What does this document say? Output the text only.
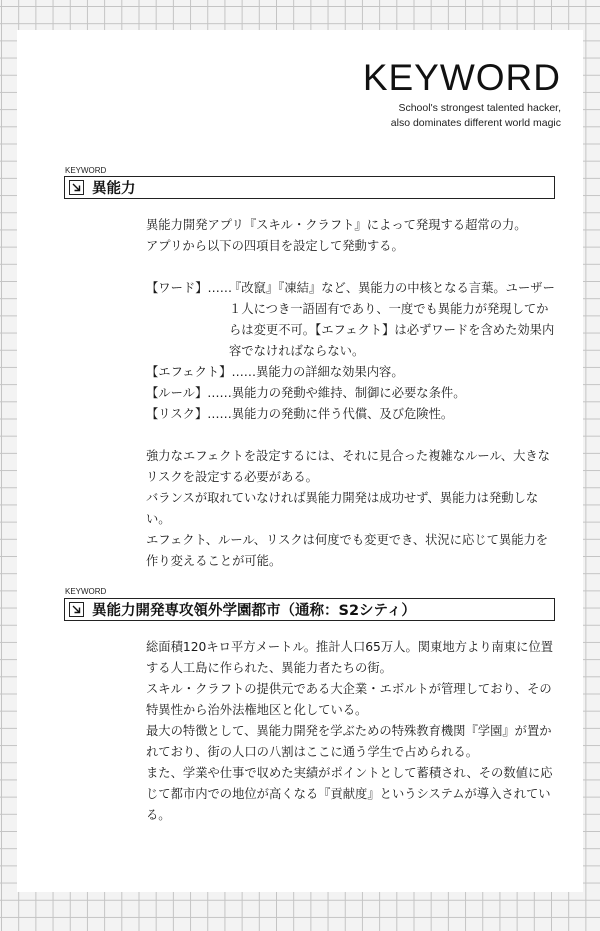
KEYWORD
School's strongest talented hacker,
also dominates different world magic
KEYWORD
異能力

異能力開発アプリ『スキル・クラフト』によって発現する超常の力。

アプリから以下の四項目を設定して発動する。

【ワード】……
『改竄』『凍結』など、異能力の中核となる言葉。ユーザー１人につき一語固有であり、一度でも異能力が発現してからは変更不可。【エフェクト】は必ずワードを含めた効果内容でなければならない。
【エフェクト】…… 異能力の詳細な効果内容。
【ルール】…… 異能力の発動や維持、制御に必要な条件。
【リスク】…… 異能力の発動に伴う代償、及び危険性。

強力なエフェクトを設定するには、それに見合った複雑なルール、大きなリスクを設定する必要がある。

バランスが取れていなければ異能力開発は成功せず、異能力は発動しない。

エフェクト、ルール、リスクは何度でも変更でき、状況に応じて異能力を作り変えることが可能。

KEYWORD
異能力開発専攻領外学園都市（通称：S2シティ）

総面積120キロ平方メートル。推計人口65万人。関東地方より南東に位置する人工島に作られた、異能力者たちの街。

スキル・クラフトの提供元である大企業・エボルトが管理しており、その特異性から治外法権地区と化している。

最大の特徴として、異能力開発を学ぶための特殊教育機関『学園』が置かれており、街の人口の八割はここに通う学生で占められる。

また、学業や仕事で収めた実績がポイントとして蓄積され、その数値に応じて都市内での地位が高くなる『貢献度』というシステムが導入されている。
